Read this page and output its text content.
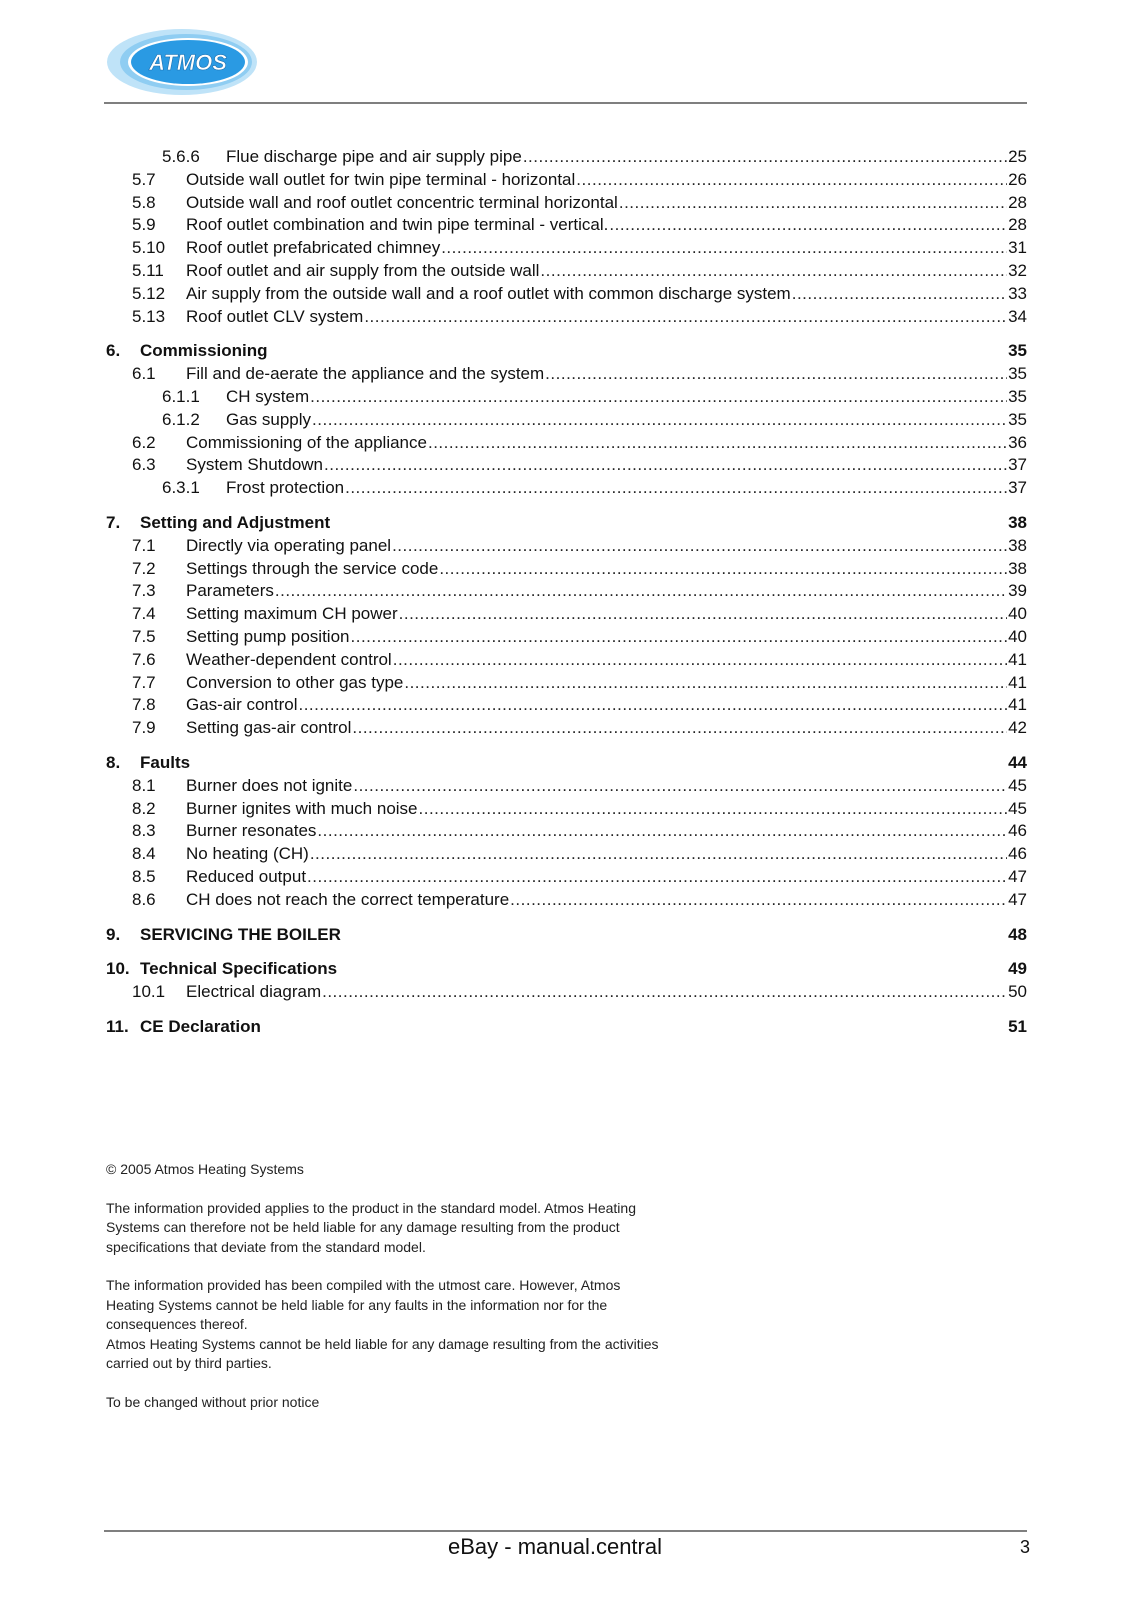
ATMOS
5.6.6	Flue discharge pipe and air supply pipe .....	25
5.7	Outside wall outlet for twin pipe terminal - horizontal .....	26
5.8	Outside wall and roof outlet concentric terminal horizontal .....	28
5.9	Roof outlet combination and twin pipe terminal - vertical. .....	28
5.10	Roof outlet prefabricated chimney .....	31
5.11	Roof outlet and air supply from the outside wall .....	32
5.12	Air supply from the outside wall and a roof outlet with common discharge system .....	33
5.13	Roof outlet CLV system .....	34
6.	Commissioning	35
6.1	Fill and de-aerate the appliance and the system .....	35
6.1.1	CH system .....	35
6.1.2	Gas supply .....	35
6.2	Commissioning of the appliance .....	36
6.3	System Shutdown .....	37
6.3.1	Frost protection .....	37
7.	Setting and Adjustment	38
7.1	Directly via operating panel .....	38
7.2	Settings through the service code .....	38
7.3	Parameters .....	39
7.4	Setting maximum CH power .....	40
7.5	Setting pump position .....	40
7.6	Weather-dependent control .....	41
7.7	Conversion to other gas type .....	41
7.8	Gas-air control .....	41
7.9	Setting gas-air control .....	42
8.	Faults	44
8.1	Burner does not ignite .....	45
8.2	Burner ignites with much noise .....	45
8.3	Burner resonates .....	46
8.4	No heating (CH) .....	46
8.5	Reduced output .....	47
8.6	CH does not reach the correct temperature .....	47
9.	SERVICING THE BOILER	48
10. Technical Specifications	49
10.1	Electrical diagram .....	50
11. CE Declaration	51

© 2005 Atmos Heating Systems

The information provided applies to the product in the standard model. Atmos Heating Systems can therefore not be held liable for any damage resulting from the product specifications that deviate from the standard model.

The information provided has been compiled with the utmost care. However, Atmos Heating Systems cannot be held liable for any faults in the information nor for the consequences thereof.

Atmos Heating Systems cannot be held liable for any damage resulting from the activities carried out by third parties.

To be changed without prior notice

eBay - manual.central	3
